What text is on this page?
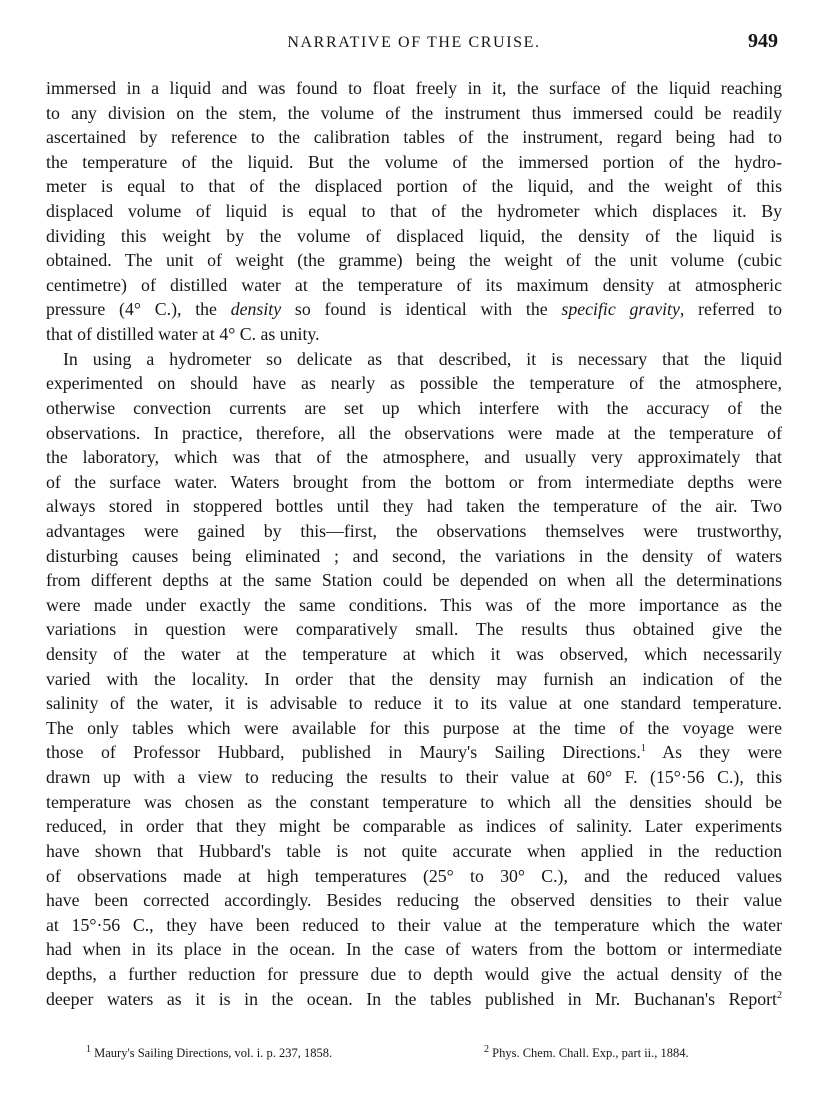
NARRATIVE OF THE CRUISE.	949
immersed in a liquid and was found to float freely in it, the surface of the liquid reaching
to any division on the stem, the volume of the instrument thus immersed could be readily
ascertained by reference to the calibration tables of the instrument, regard being had to
the temperature of the liquid. But the volume of the immersed portion of the hydro-
meter is equal to that of the displaced portion of the liquid, and the weight of this
displaced volume of liquid is equal to that of the hydrometer which displaces it. By
dividing this weight by the volume of displaced liquid, the density of the liquid is
obtained. The unit of weight (the gramme) being the weight of the unit volume (cubic
centimetre) of distilled water at the temperature of its maximum density at atmospheric
pressure (4° C.), the density so found is identical with the specific gravity, referred to
that of distilled water at 4° C. as unity.
In using a hydrometer so delicate as that described, it is necessary that the liquid
experimented on should have as nearly as possible the temperature of the atmosphere,
otherwise convection currents are set up which interfere with the accuracy of the
observations. In practice, therefore, all the observations were made at the temperature of
the laboratory, which was that of the atmosphere, and usually very approximately that
of the surface water. Waters brought from the bottom or from intermediate depths were
always stored in stoppered bottles until they had taken the temperature of the air. Two
advantages were gained by this—first, the observations themselves were trustworthy,
disturbing causes being eliminated ; and second, the variations in the density of waters
from different depths at the same Station could be depended on when all the determinations
were made under exactly the same conditions. This was of the more importance as the
variations in question were comparatively small. The results thus obtained give the
density of the water at the temperature at which it was observed, which necessarily
varied with the locality. In order that the density may furnish an indication of the
salinity of the water, it is advisable to reduce it to its value at one standard temperature.
The only tables which were available for this purpose at the time of the voyage were
those of Professor Hubbard, published in Maury's Sailing Directions.$^1$ As they were
drawn up with a view to reducing the results to their value at 60° F. (15°·56 C.), this
temperature was chosen as the constant temperature to which all the densities should be
reduced, in order that they might be comparable as indices of salinity. Later experiments
have shown that Hubbard's table is not quite accurate when applied in the reduction
of observations made at high temperatures (25° to 30° C.), and the reduced values
have been corrected accordingly. Besides reducing the observed densities to their value
at 15°·56 C., they have been reduced to their value at the temperature which the water
had when in its place in the ocean. In the case of waters from the bottom or intermediate
depths, a further reduction for pressure due to depth would give the actual density of the
deeper waters as it is in the ocean. In the tables published in Mr. Buchanan's Report$^2$
$^1$ Maury's Sailing Directions, vol. i. p. 237, 1858.	$^2$ Phys. Chem. Chall. Exp., part ii., 1884.
